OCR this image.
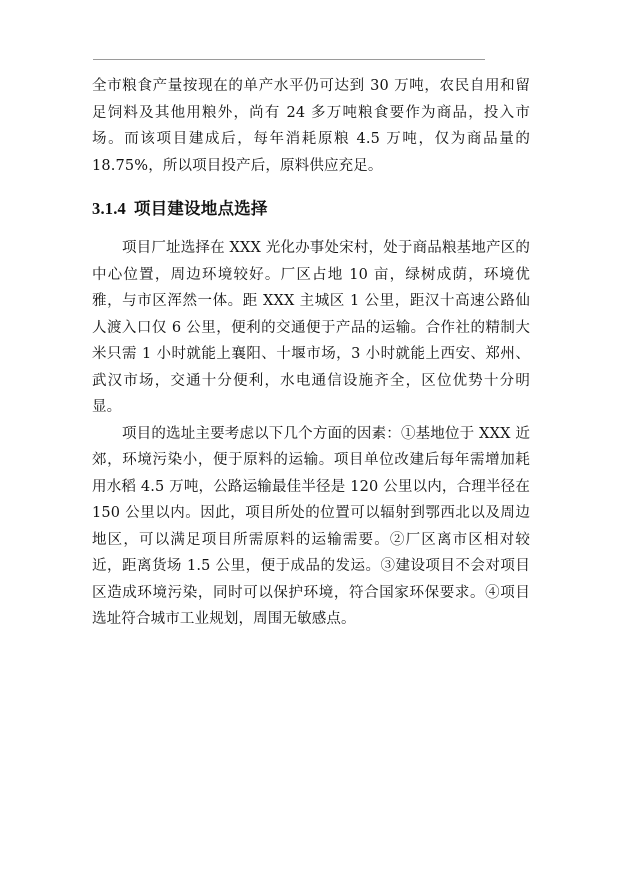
全市粮食产量按现在的单产水平仍可达到 30 万吨，农民自用和留足饲料及其他用粮外，尚有 24 多万吨粮食要作为商品，投入市场。而该项目建成后，每年消耗原粮 4.5 万吨，仅为商品量的 18.75%，所以项目投产后，原料供应充足。

3.1.4 项目建设地点选择

项目厂址选择在 XXX 光化办事处宋村，处于商品粮基地产区的中心位置，周边环境较好。厂区占地 10 亩，绿树成荫，环境优雅，与市区浑然一体。距 XXX 主城区 1 公里，距汉十高速公路仙人渡入口仅 6 公里，便利的交通便于产品的运输。合作社的精制大米只需 1 小时就能上襄阳、十堰市场，3 小时就能上西安、郑州、武汉市场，交通十分便利，水电通信设施齐全，区位优势十分明显。

项目的选址主要考虑以下几个方面的因素：①基地位于 XXX 近郊，环境污染小，便于原料的运输。项目单位改建后每年需增加耗用水稻 4.5 万吨，公路运输最佳半径是 120 公里以内，合理半径在 150 公里以内。因此，项目所处的位置可以辐射到鄂西北以及周边地区，可以满足项目所需原料的运输需要。②厂区离市区相对较近，距离货场 1.5 公里，便于成品的发运。③建设项目不会对项目区造成环境污染，同时可以保护环境，符合国家环保要求。④项目选址符合城市工业规划，周围无敏感点。
